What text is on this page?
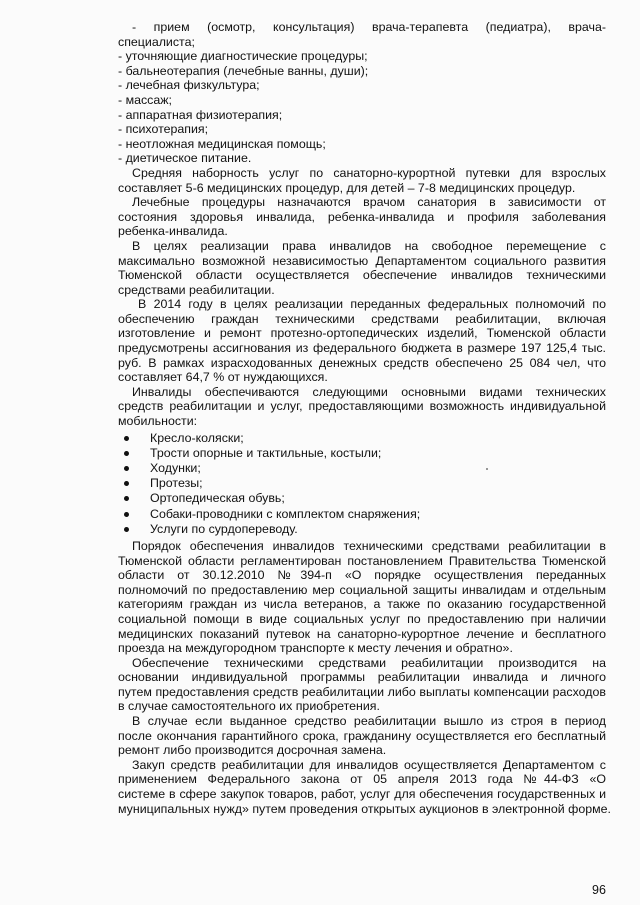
- прием (осмотр, консультация) врача-терапевта (педиатра), врача-
специалиста;
- уточняющие диагностические процедуры;
- бальнеотерапия (лечебные ванны, души);
- лечебная физкультура;
- массаж;
- аппаратная физиотерапия;
- психотерапия;
- неотложная медицинская помощь;
- диетическое питание.
Средняя наборность услуг по санаторно-курортной путевки для взрослых
составляет 5-6 медицинских процедур, для детей – 7-8 медицинских процедур.
Лечебные процедуры назначаются врачом санатория в зависимости от
состояния здоровья инвалида, ребенка-инвалида и профиля заболевания
ребенка-инвалида.
В целях реализации права инвалидов на свободное перемещение с
максимально возможной независимостью Департаментом социального развития
Тюменской области осуществляется обеспечение инвалидов техническими
средствами реабилитации.
В 2014 году в целях реализации переданных федеральных полномочий по
обеспечению граждан техническими средствами реабилитации, включая
изготовление и ремонт протезно-ортопедических изделий, Тюменской области
предусмотрены ассигнования из федерального бюджета в размере 197 125,4 тыс.
руб. В рамках израсходованных денежных средств обеспечено 25 084 чел, что
составляет 64,7 % от нуждающихся.
Инвалиды обеспечиваются следующими основными видами технических
средств реабилитации и услуг, предоставляющими возможность индивидуальной
мобильности:
Кресло-коляски;
Трости опорные и тактильные, костыли;
Ходунки;
Протезы;
Ортопедическая обувь;
Собаки-проводники с комплектом снаряжения;
Услуги по сурдопереводу.
Порядок обеспечения инвалидов техническими средствами реабилитации в
Тюменской области регламентирован постановлением Правительства Тюменской
области от 30.12.2010 №394-п «О порядке осуществления переданных
полномочий по предоставлению мер социальной защиты инвалидам и отдельным
категориям граждан из числа ветеранов, а также по оказанию государственной
социальной помощи в виде социальных услуг по предоставлению при наличии
медицинских показаний путевок на санаторно-курортное лечение и бесплатного
проезда на междугородном транспорте к месту лечения и обратно».
Обеспечение техническими средствами реабилитации производится на
основании индивидуальной программы реабилитации инвалида и личного
путем предоставления средств реабилитации либо выплаты компенсации расходов
в случае самостоятельного их приобретения.
В случае если выданное средство реабилитации вышло из строя в период
после окончания гарантийного срока, гражданину осуществляется его бесплатный
ремонт либо производится досрочная замена.
Закуп средств реабилитации для инвалидов осуществляется Департаментом с
применением Федерального закона от 05 апреля 2013 года №44-ФЗ «О
системе в сфере закупок товаров, работ, услуг для обеспечения государственных и
муниципальных нужд» путем проведения открытых аукционов в электронной форме.
96
